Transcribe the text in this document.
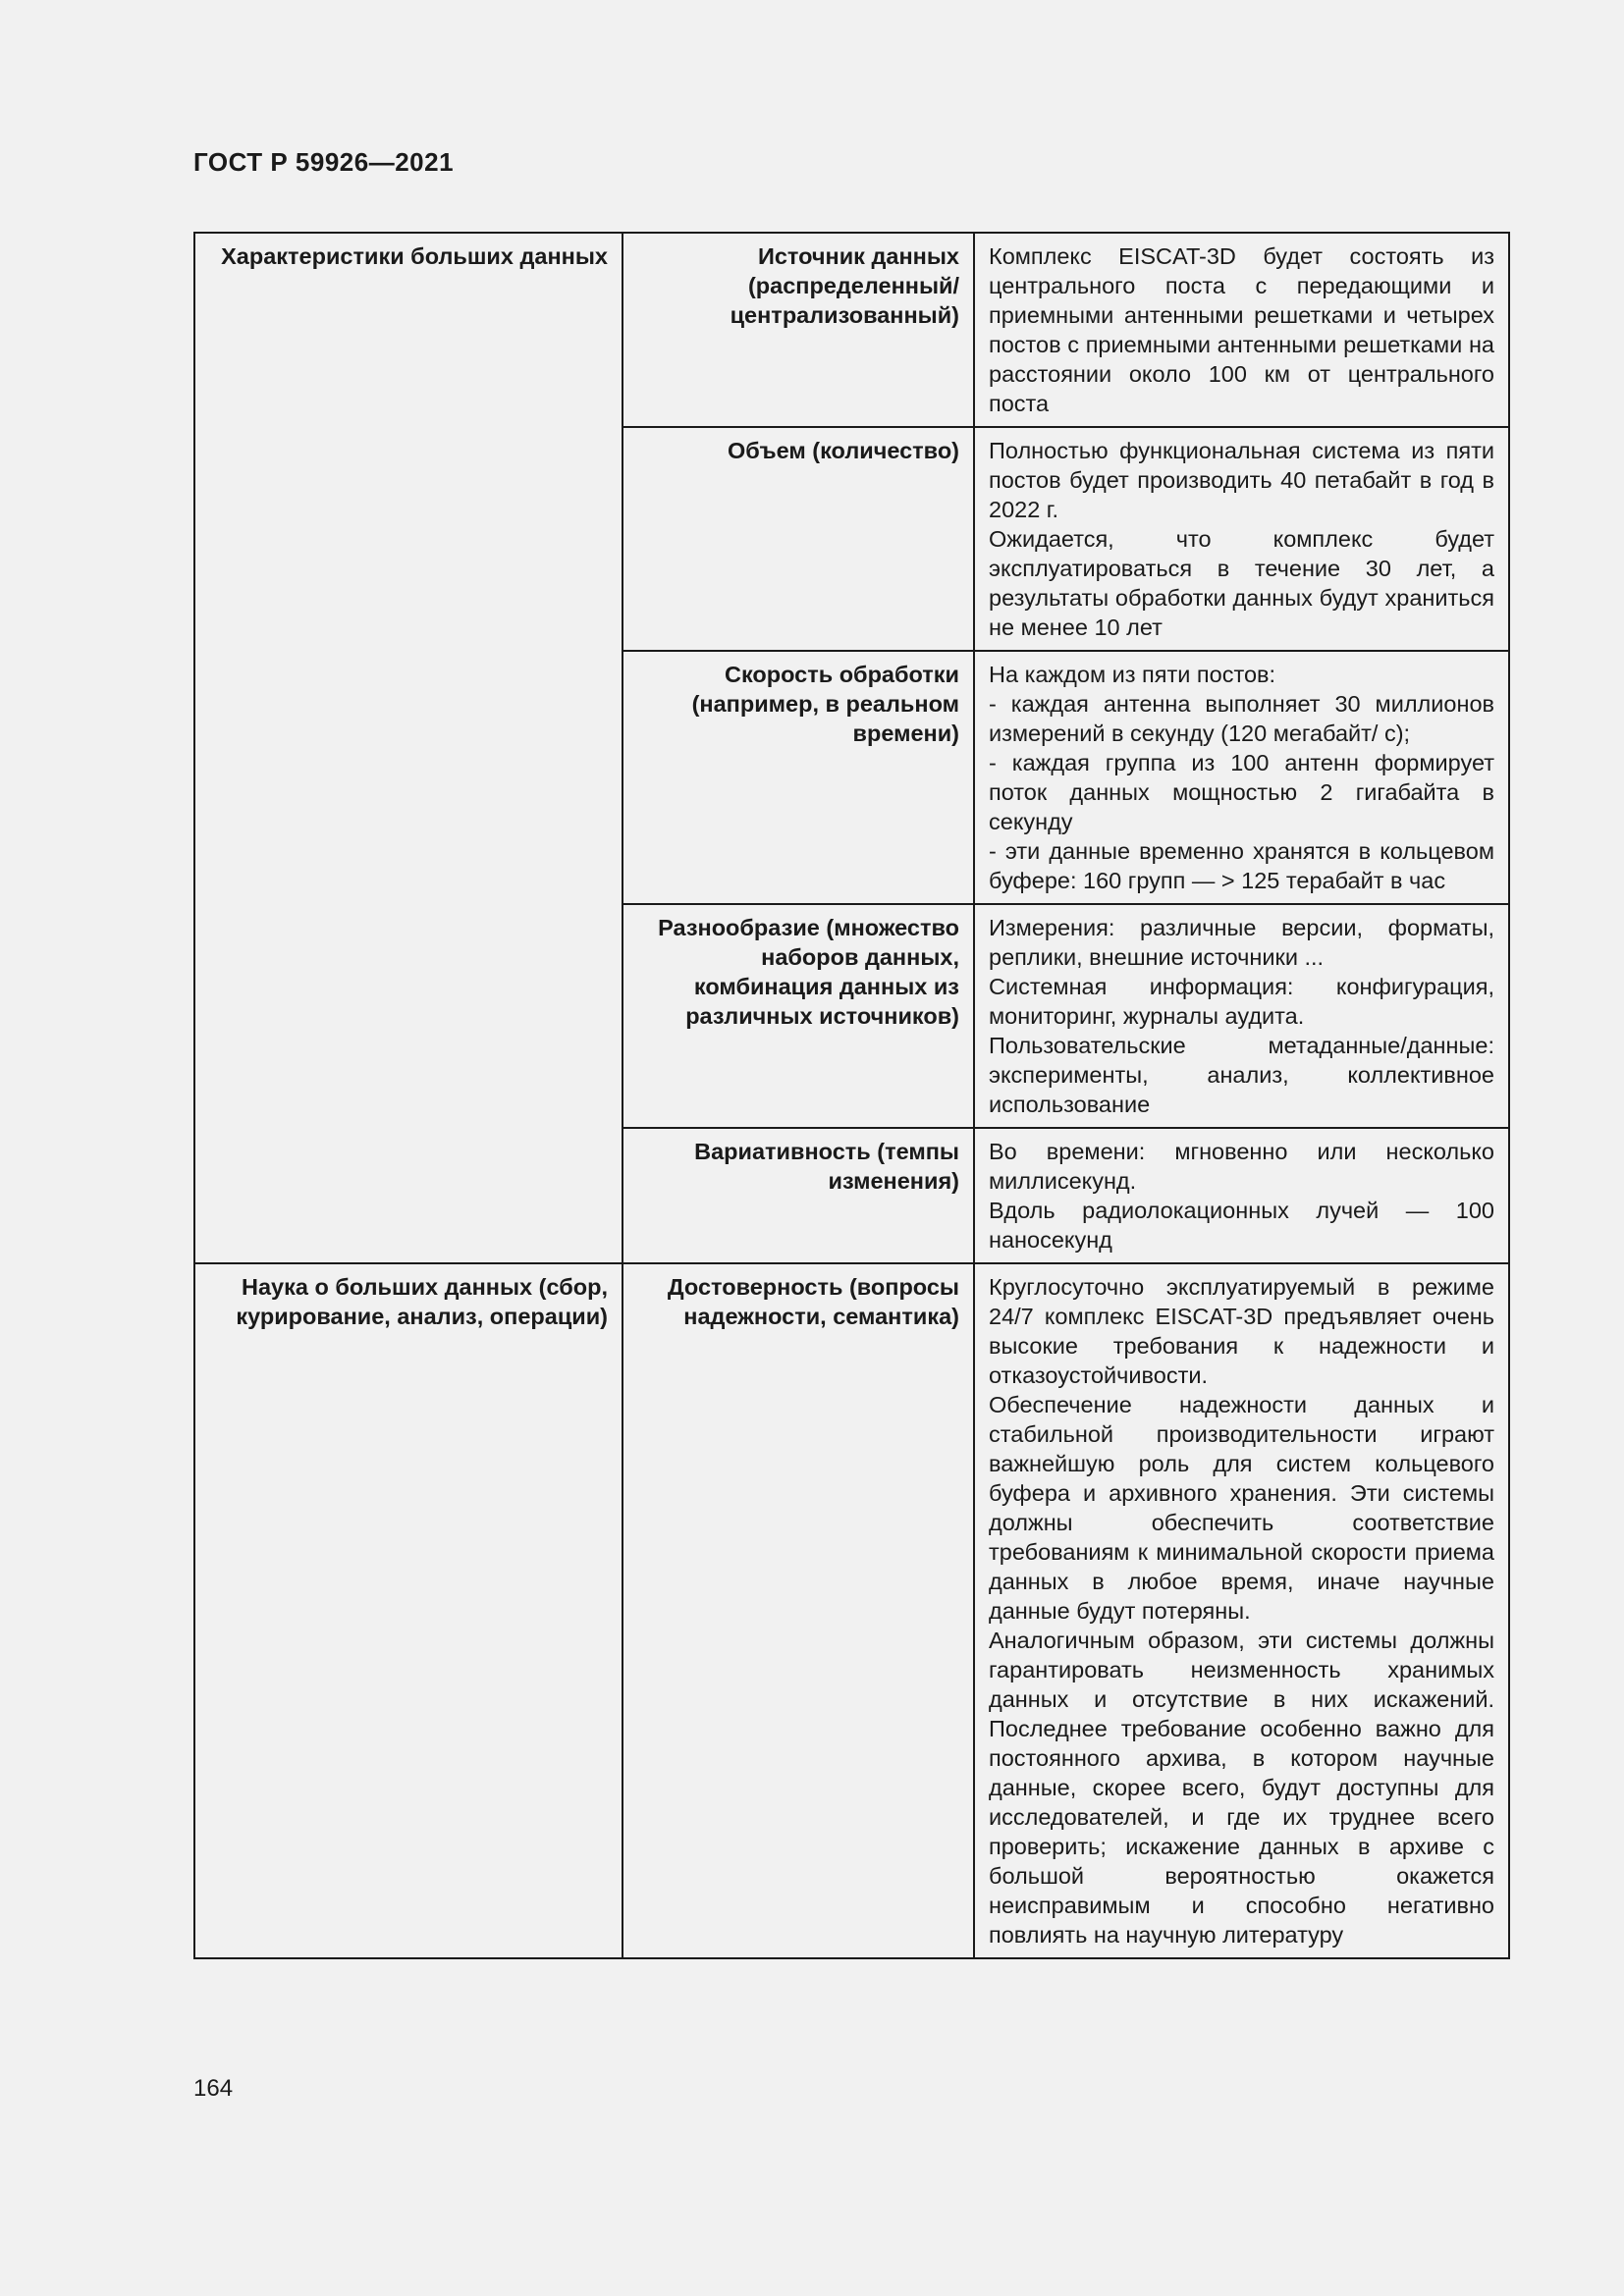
ГОСТ Р 59926—2021
Характеристики больших данных	Источник данных (распределенный/ централизованный)	Комплекс EISCAT-3D будет состоять из центрального поста с передающими и приемными антенными решетками и четырех постов с приемными антенными решетками на расстоянии около 100 км от центрального поста

	Объем (количество)	Полностью функциональная система из пяти постов будет производить 40 петабайт в год в 2022 г.
Ожидается, что комплекс будет эксплуатироваться в течение 30 лет, а результаты обработки данных будут храниться не менее 10 лет

	Скорость обработки (например, в реальном времени)	На каждом из пяти постов:
- каждая антенна выполняет 30 миллионов измерений в секунду (120 мегабайт/ с);
- каждая группа из 100 антенн формирует поток данных мощностью 2 гигабайта в секунду
- эти данные временно хранятся в кольцевом буфере: 160 групп — > 125 терабайт в час

	Разнообразие (множество наборов данных, комбинация данных из различных источников)	Измерения: различные версии, форматы, реплики, внешние источники ...
Системная информация: конфигурация, мониторинг, журналы аудита.
Пользовательские метаданные/данные: эксперименты, анализ, коллективное использование

	Вариативность (темпы изменения)	Во времени: мгновенно или несколько миллисекунд.
Вдоль радиолокационных лучей — 100 наносекунд

Наука о больших данных (сбор, курирование, анализ, операции)	Достоверность (вопросы надежности, семантика)	Круглосуточно эксплуатируемый в режиме 24/7 комплекс EISCAT-3D предъявляет очень высокие требования к надежности и отказоустойчивости.
Обеспечение надежности данных и стабильной производительности играют важнейшую роль для систем кольцевого буфера и архивного хранения. Эти системы должны обеспечить соответствие требованиям к минимальной скорости приема данных в любое время, иначе научные данные будут потеряны.
Аналогичным образом, эти системы должны гарантировать неизменность хранимых данных и отсутствие в них искажений. Последнее требование особенно важно для постоянного архива, в котором научные данные, скорее всего, будут доступны для исследователей, и где их труднее всего проверить; искажение данных в архиве с большой вероятностью окажется неисправимым и способно негативно повлиять на научную литературу
164
